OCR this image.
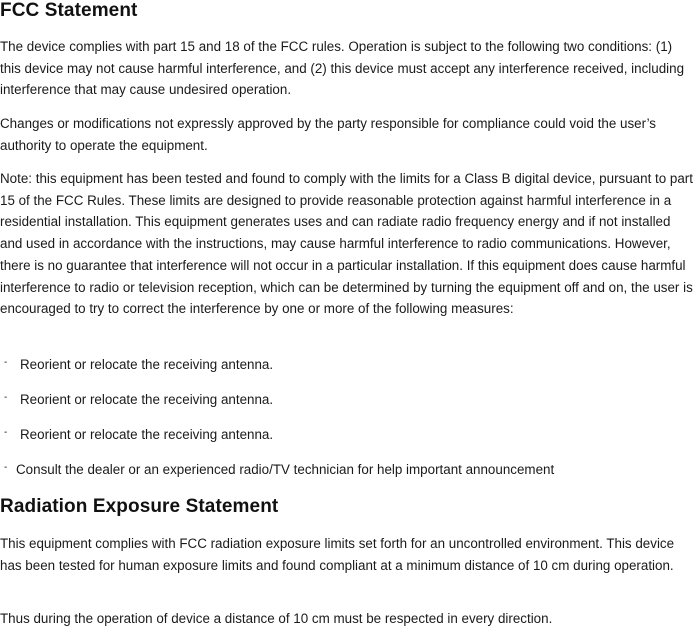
FCC Statement

The device complies with part 15 and 18 of the FCC rules. Operation is subject to the following two conditions: (1) this device may not cause harmful interference, and (2) this device must accept any interference received, including interference that may cause undesired operation.

Changes or modifications not expressly approved by the party responsible for compliance could void the user’s authority to operate the equipment.

Note: this equipment has been tested and found to comply with the limits for a Class B digital device, pursuant to part 15 of the FCC Rules. These limits are designed to provide reasonable protection against harmful interference in a residential installation. This equipment generates uses and can radiate radio frequency energy and if not installed and used in accordance with the instructions, may cause harmful interference to radio communications. However, there is no guarantee that interference will not occur in a particular installation. If this equipment does cause harmful interference to radio or television reception, which can be determined by turning the equipment off and on, the user is encouraged to try to correct the interference by one or more of the following measures:

- Reorient or relocate the receiving antenna.
- Reorient or relocate the receiving antenna.
- Reorient or relocate the receiving antenna.
- Consult the dealer or an experienced radio/TV technician for help important announcement
Radiation Exposure Statement

This equipment complies with FCC radiation exposure limits set forth for an uncontrolled environment. This device has been tested for human exposure limits and found compliant at a minimum distance of 10 cm during operation.

Thus during the operation of device a distance of 10 cm must be respected in every direction.
